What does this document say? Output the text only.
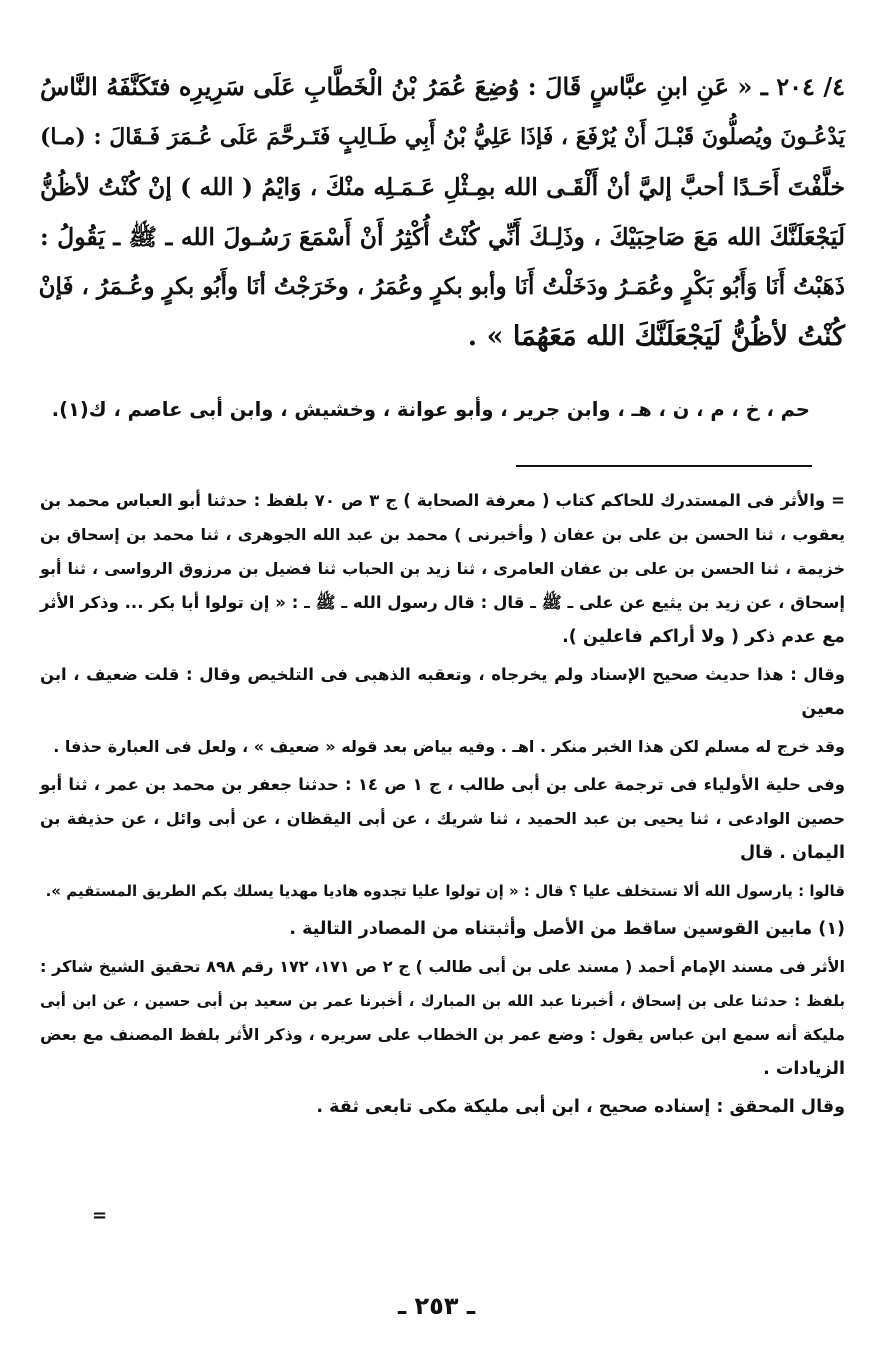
٤/ ٢٠٤ ـ « عَنِ ابنِ عبَّاسٍ قَالَ : وُضِعَ عُمَرُ بْنُ الْخَطَّابِ عَلَى سَرِيرِه فتَكَنَّفَهُ النَّاسُ
يَدْعُـونَ ويُصلُّونَ قَبْـلَ أَنْ يُرْفَعَ ، فَإذَا عَلِيُّ بْنُ أَبِي طَـالِبٍ فَتَـرحَّمَ عَلَى عُـمَرَ فَـقَالَ : (مـا)
خلَّفْتَ أَحَـدًا أحبَّ إليَّ أنْ أَلْقَـى الله بمِـثْلِ عَـمَـلِه منْكَ ، وَايْمُ ( الله ) إنْ كُنْتُ لأظُنُّ
لَيَجْعَلَنَّكَ الله مَعَ صَاحِبَيْكَ ، وذَلِـكَ أَنِّي كُنْتُ أُكْثِرُ أَنْ أَسْمَعَ رَسُـولَ الله ـ ﷺ ـ يَقُولُ :
ذَهَبْتُ أَنَا وَأَبُو بَكْرٍ وعُمَـرُ ودَخَلْتُ أَنَا وأبو بكرٍ وعُمَرُ ، وخَرَجْتُ أنَا وأَبُو بكرٍ وعُـمَرُ ، فَإنْ
كُنْتُ لأظُنُّ لَيَجْعَلَنَّكَ الله مَعَهُمَا » .
حم ، خ ، م ، ن ، هـ ، وابن جرير ، وأبو عوانة ، وخشيش ، وابن أبى عاصم ، ك(١).
= والأثر فى المستدرك للحاكم كتاب ( معرفة الصحابة ) ج ٣ ص ٧٠ بلفظ : حدثنا أبو العباس محمد بن
يعقوب ، ثنا الحسن بن على بن عفان ( وأخبرنى ) محمد بن عبد الله الجوهرى ، ثنا محمد بن إسحاق بن
خزيمة ، ثنا الحسن بن على بن عفان العامرى ، ثنا زيد بن الحباب ثنا فضيل بن مرزوق الرواسى ، ثنا أبو
إسحاق ، عن زيد بن يثيع عن على ـ ﷺ ـ قال : قال رسول الله ـ ﷺ ـ : « إن تولوا أبا بكر ... وذكر الأثر
مع عدم ذكر ( ولا أراكم فاعلين ).
وقال : هذا حديث صحيح الإسناد ولم يخرجاه ، وتعقبه الذهبى فى التلخيص وقال : قلت ضعيف ، ابن
معين
وقد خرج له مسلم لكن هذا الخبر منكر . اهـ . وفيه بياض بعد قوله « ضعيف » ، ولعل فى العبارة حذفا .
وفى حلية الأولياء فى ترجمة على بن أبى طالب ، ج ١ ص ١٤ : حدثنا جعفر بن محمد بن عمر ، ثنا أبو
حصين الوادعى ، ثنا يحيى بن عبد الحميد ، ثنا شريك ، عن أبى اليقظان ، عن أبى وائل ، عن حذيفة بن
اليمان . قال
قالوا : يارسول الله ألا تستخلف عليا ؟ قال : « إن تولوا عليا تجدوه هاديا مهديا يسلك بكم الطريق المستقيم ».
(١) مابين القوسين ساقط من الأصل وأثبتناه من المصادر التالية .
الأثر فى مسند الإمام أحمد ( مسند على بن أبى طالب ) ج ٢ ص ١٧١، ١٧٢ رقم ٨٩٨ تحقيق الشيخ شاكر :
بلفظ : حدثنا على بن إسحاق ، أخبرنا عبد الله بن المبارك ، أخبرنا عمر بن سعيد بن أبى حسين ، عن ابن أبى
مليكة أنه سمع ابن عباس يقول : وضع عمر بن الخطاب على سريره ، وذكر الأثر بلفظ المصنف مع بعض
الزيادات .
وقال المحقق : إسناده صحيح ، ابن أبى مليكة مكى تابعى ثقة .
=
ـ ٢٥٣ ـ
